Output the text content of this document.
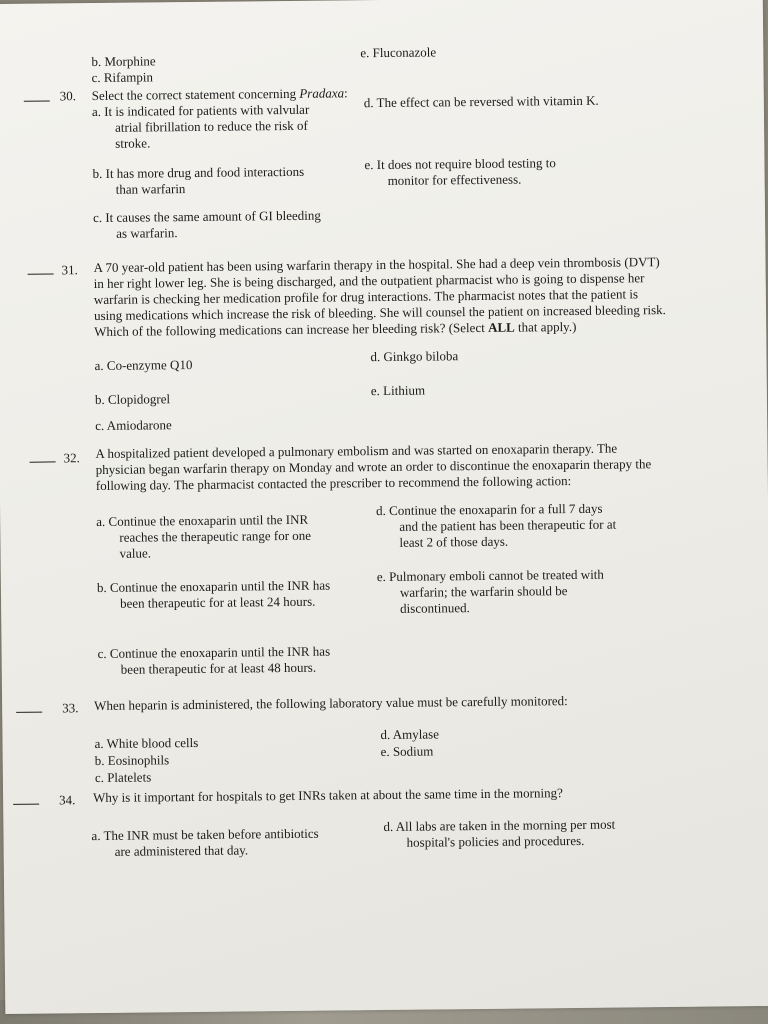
b. Morphine
c. Rifampin
e. Fluconazole
30. Select the correct statement concerning Pradaxa:
a. It is indicated for patients with valvular
atrial fibrillation to reduce the risk of
stroke.
d. The effect can be reversed with vitamin K.
b. It has more drug and food interactions
than warfarin
e. It does not require blood testing to
monitor for effectiveness.
c. It causes the same amount of GI bleeding
as warfarin.
31. A 70 year-old patient has been using warfarin therapy in the hospital. She had a deep vein thrombosis (DVT)
in her right lower leg. She is being discharged, and the outpatient pharmacist who is going to dispense her
warfarin is checking her medication profile for drug interactions. The pharmacist notes that the patient is
using medications which increase the risk of bleeding. She will counsel the patient on increased bleeding risk.
Which of the following medications can increase her bleeding risk? (Select ALL that apply.)
a. Co-enzyme Q10
d. Ginkgo biloba
b. Clopidogrel
e. Lithium
c. Amiodarone
32. A hospitalized patient developed a pulmonary embolism and was started on enoxaparin therapy. The
physician began warfarin therapy on Monday and wrote an order to discontinue the enoxaparin therapy the
following day. The pharmacist contacted the prescriber to recommend the following action:
a. Continue the enoxaparin until the INR
reaches the therapeutic range for one
value.
d. Continue the enoxaparin for a full 7 days
and the patient has been therapeutic for at
least 2 of those days.
b. Continue the enoxaparin until the INR has
been therapeutic for at least 24 hours.
e. Pulmonary emboli cannot be treated with
warfarin; the warfarin should be
discontinued.
c. Continue the enoxaparin until the INR has
been therapeutic for at least 48 hours.
33. When heparin is administered, the following laboratory value must be carefully monitored:
a. White blood cells
b. Eosinophils
c. Platelets
d. Amylase
e. Sodium
34. Why is it important for hospitals to get INRs taken at about the same time in the morning?
a. The INR must be taken before antibiotics
are administered that day.
d. All labs are taken in the morning per most
hospital's policies and procedures.
